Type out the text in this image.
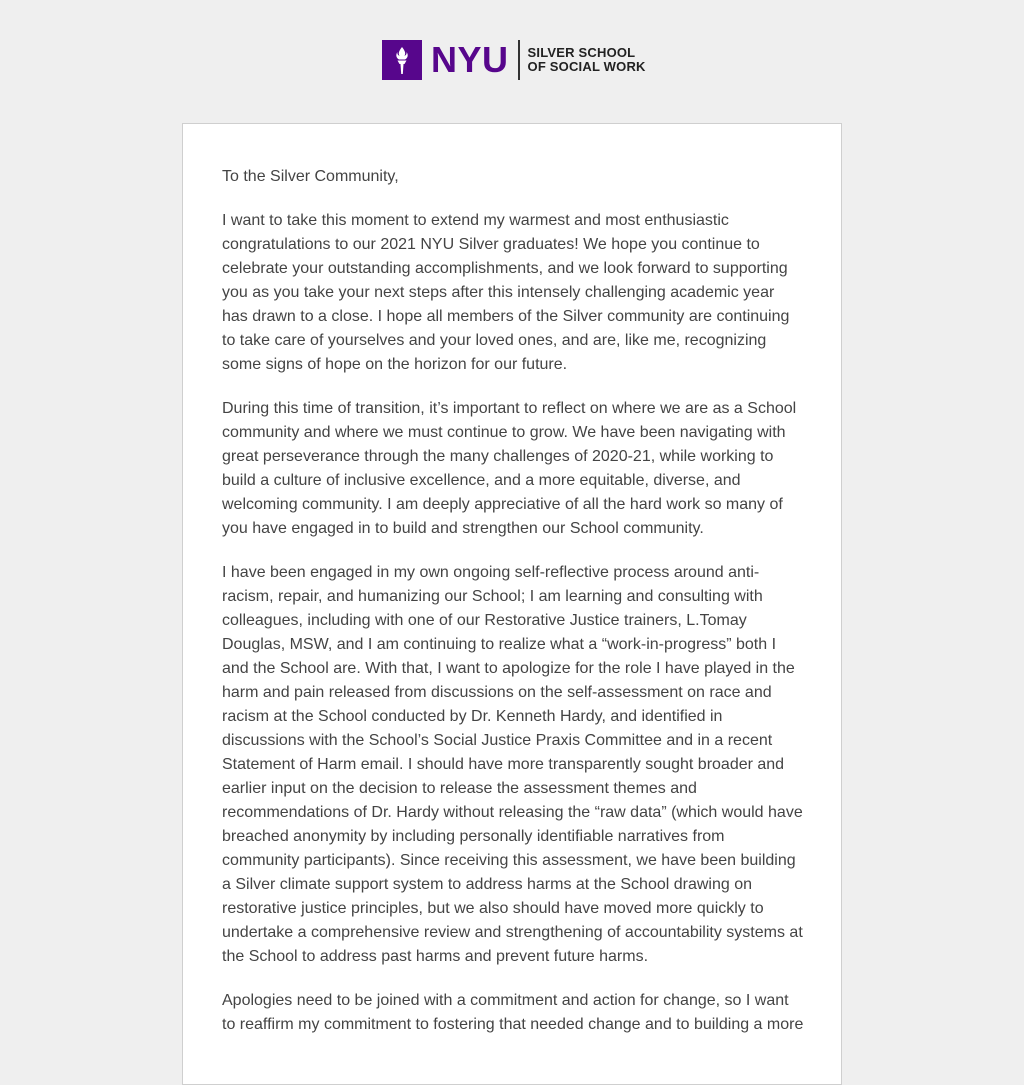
NYU SILVER SCHOOL
OF SOCIAL WORK

To the Silver Community,

I want to take this moment to extend my warmest and most enthusiastic congratulations to our 2021 NYU Silver graduates! We hope you continue to celebrate your outstanding accomplishments, and we look forward to supporting you as you take your next steps after this intensely challenging academic year has drawn to a close. I hope all members of the Silver community are continuing to take care of yourselves and your loved ones, and are, like me, recognizing some signs of hope on the horizon for our future.

During this time of transition, it’s important to reflect on where we are as a School community and where we must continue to grow. We have been navigating with great perseverance through the many challenges of 2020-21, while working to build a culture of inclusive excellence, and a more equitable, diverse, and welcoming community. I am deeply appreciative of all the hard work so many of you have engaged in to build and strengthen our School community.

I have been engaged in my own ongoing self-reflective process around anti-racism, repair, and humanizing our School; I am learning and consulting with colleagues, including with one of our Restorative Justice trainers, L.Tomay Douglas, MSW, and I am continuing to realize what a “work-in-progress” both I and the School are. With that, I want to apologize for the role I have played in the harm and pain released from discussions on the self-assessment on race and racism at the School conducted by Dr. Kenneth Hardy, and identified in discussions with the School’s Social Justice Praxis Committee and in a recent Statement of Harm email. I should have more transparently sought broader and earlier input on the decision to release the assessment themes and recommendations of Dr. Hardy without releasing the “raw data” (which would have breached anonymity by including personally identifiable narratives from community participants). Since receiving this assessment, we have been building a Silver climate support system to address harms at the School drawing on restorative justice principles, but we also should have moved more quickly to undertake a comprehensive review and strengthening of accountability systems at the School to address past harms and prevent future harms.

Apologies need to be joined with a commitment and action for change, so I want to reaffirm my commitment to fostering that needed change and to building a more
